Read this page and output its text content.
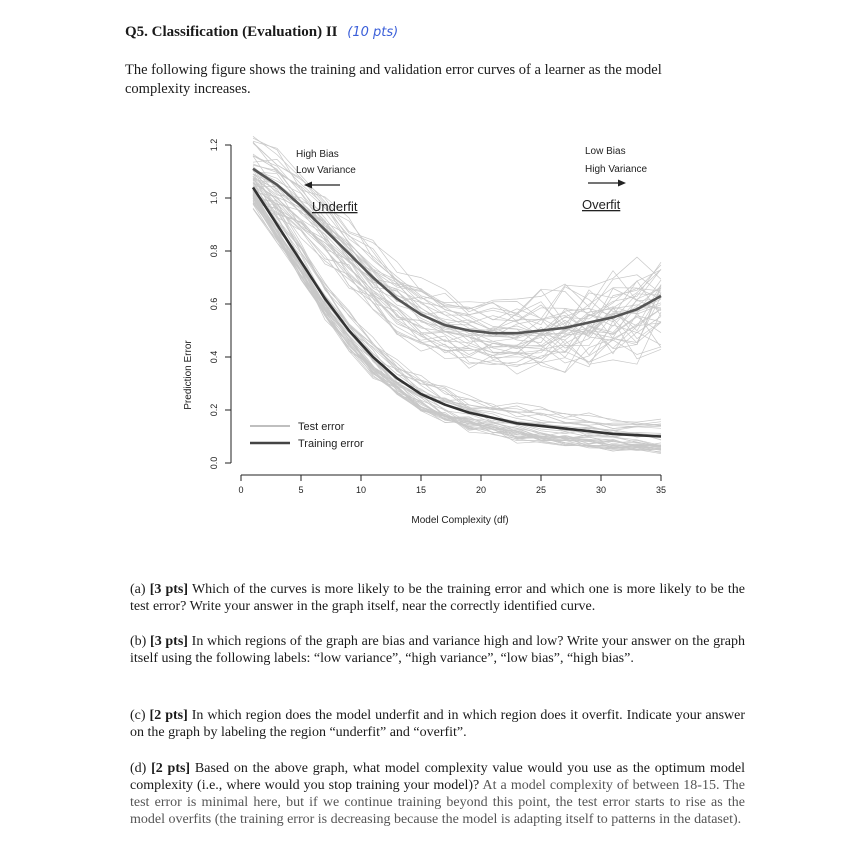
Q5. Classification (Evaluation) II (10 pts)
The following figure shows the training and validation error curves of a learner as the model complexity increases.
0.0
0.2
0.4
0.6
0.8
1.0
1.2
0	5	10	15	20	25	30	35
High Bias
Low Variance
Underfit
Low Bias
High Variance
Overfit
Test error
Training error
Model Complexity (df)
Prediction Error
(a) [3 pts] Which of the curves is more likely to be the training error and which one is more likely to be the test error? Write your answer in the graph itself, near the correctly identified curve.
(b) [3 pts] In which regions of the graph are bias and variance high and low? Write your answer on the graph itself using the following labels: “low variance”, “high variance”, “low bias”, “high bias”.
(c) [2 pts] In which region does the model underfit and in which region does it overfit. Indicate your answer on the graph by labeling the region “underfit” and “overfit”.
(d) [2 pts] Based on the above graph, what model complexity value would you use as the optimum model complexity (i.e., where would you stop training your model)? At a model complexity of between 18-15. The test error is minimal here, but if we continue training beyond this point, the test error starts to rise as the model overfits (the training error is decreasing because the model is adapting itself to patterns in the dataset).
